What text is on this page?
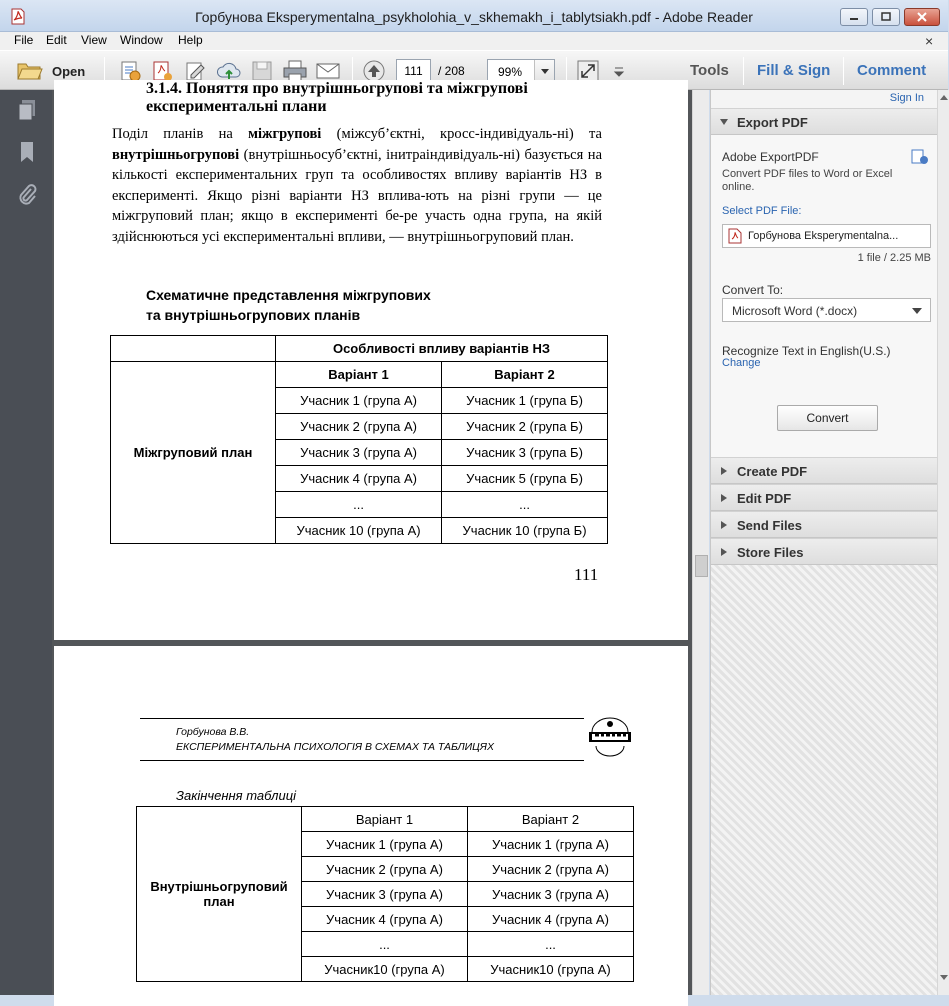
Горбунова Eksperymentalna_psykholohia_v_skhemakh_i_tablytsiakh.pdf - Adobe Reader
File Edit View Window Help	×
Open	111	/ 208	99%	Tools Fill & Sign Comment
3.1.4. Поняття про внутрішньогрупові та міжгрупові експериментальні плани

Поділ планів на міжгрупові (міжсуб’єктні, кросс-індивідуаль-ні) та внутрішньогрупові (внутрішньосуб’єктні, інитраіндивідуаль-ні) базується на кількості експериментальних груп та особливостях впливу варіантів НЗ в експерименті. Якщо різні варіанти НЗ вплива-ють на різні групи — це міжгруповий план; якщо в експерименті бе-ре участь одна група, на якій здійснюються усі експериментальні впливи, — внутрішньогруповий план.

Схематичне представлення міжгрупових
та внутрішньогрупових планів
	Особливості впливу варіантів НЗ	
Міжгруповий план	Варіант 1	Варіант 2
	Учасник 1 (група А)	Учасник 1 (група Б)
	Учасник 2 (група А)	Учасник 2 (група Б)
	Учасник 3 (група А)	Учасник 3 (група Б)
	Учасник 4 (група А)	Учасник 5 (група Б)
	...	...
	Учасник 10 (група А)	Учасник 10 (група Б)
111
Горбунова В.В.
ЕКСПЕРИМЕНТАЛЬНА ПСИХОЛОГІЯ В СХЕМАХ ТА ТАБЛИЦЯХ
Закінчення таблиці
Внутрішньогруповий
план	Варіант 1	Варіант 2
	Учасник 1 (група А)	Учасник 1 (група А)
	Учасник 2 (група А)	Учасник 2 (група А)
	Учасник 3 (група А)	Учасник 3 (група А)
	Учасник 4 (група А)	Учасник 4 (група А)
	...	...
	Учасник10 (група А)	Учасник10 (група А)
Sign In
Export PDF
Adobe ExportPDF
Convert PDF files to Word or Excel online.
Select PDF File:
Горбунова Eksperymentalna...
1 file / 2.25 MB
Convert To:
Microsoft Word (*.docx)
Recognize Text in English(U.S.)
Change
Convert
Create PDF
Edit PDF
Send Files
Store Files
